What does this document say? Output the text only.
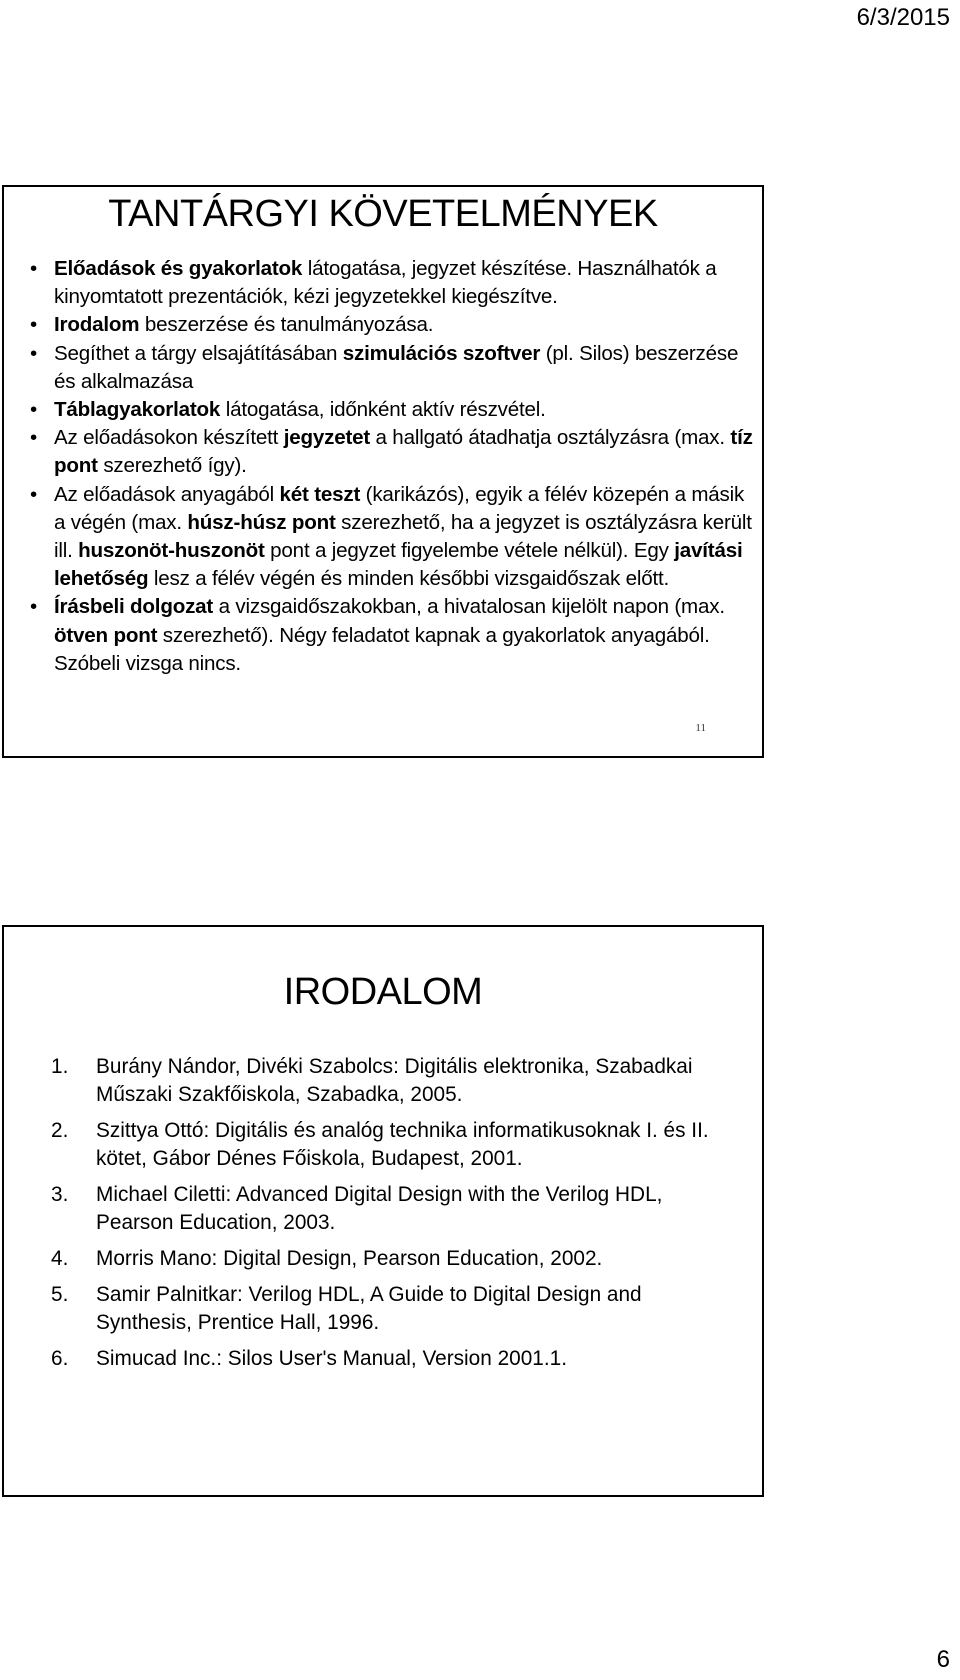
6/3/2015
TANTÁRGYI KÖVETELMÉNYEK
• Előadások és gyakorlatok látogatása, jegyzet készítése. Használhatók a kinyomtatott prezentációk, kézi jegyzetekkel kiegészítve.
• Irodalom beszerzése és tanulmányozása.
• Segíthet a tárgy elsajátításában szimulációs szoftver (pl. Silos) beszerzése és alkalmazása
• Táblagyakorlatok látogatása, időnként aktív részvétel.
• Az előadásokon készített jegyzetet a hallgató átadhatja osztályzásra (max. tíz pont szerezhető így).
• Az előadások anyagából két teszt (karikázós), egyik a félév közepén a másik a végén (max. húsz-húsz pont szerezhető, ha a jegyzet is osztályzásra került ill. huszonöt-huszonöt pont a jegyzet figyelembe vétele nélkül). Egy javítási lehetőség lesz a félév végén és minden későbbi vizsgaidőszak előtt.
• Írásbeli dolgozat a vizsgaidőszakokban, a hivatalosan kijelölt napon (max. ötven pont szerezhető). Négy feladatot kapnak a gyakorlatok anyagából. Szóbeli vizsga nincs.
11
IRODALOM
1. Burány Nándor, Divéki Szabolcs: Digitális elektronika, Szabadkai Műszaki Szakfőiskola, Szabadka, 2005.
2. Szittya Ottó: Digitális és analóg technika informatikusoknak I. és II. kötet, Gábor Dénes Főiskola, Budapest, 2001.
3. Michael Ciletti: Advanced Digital Design with the Verilog HDL, Pearson Education, 2003.
4. Morris Mano: Digital Design, Pearson Education, 2002.
5. Samir Palnitkar: Verilog HDL, A Guide to Digital Design and Synthesis, Prentice Hall, 1996.
6. Simucad Inc.: Silos User's Manual, Version 2001.1.
6
